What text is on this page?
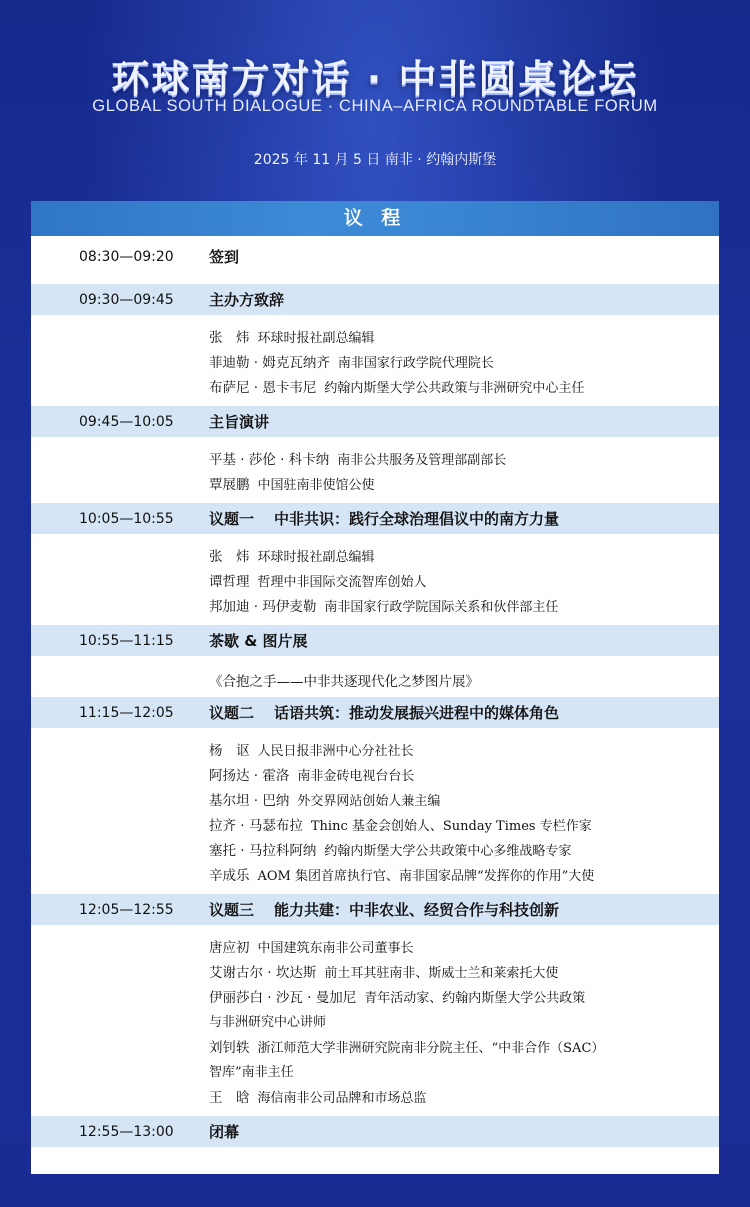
环球南方对话 · 中非圆桌论坛
GLOBAL SOUTH DIALOGUE · CHINA–AFRICA ROUNDTABLE FORUM
2025 年 11 月 5 日 南非 · 约翰内斯堡
议 程
08:30—09:20 签到
09:30—09:45 主办方致辞
张　炜 环球时报社副总编辑
菲迪勒 · 姆克瓦纳齐 南非国家行政学院代理院长
布萨尼 · 恩卡韦尼 约翰内斯堡大学公共政策与非洲研究中心主任
09:45—10:05 主旨演讲
平基 · 莎伦 · 科卡纳 南非公共服务及管理部副部长
覃展鹏 中国驻南非使馆公使
10:05—10:55 议题一 中非共识：践行全球治理倡议中的南方力量
张　炜 环球时报社副总编辑
谭哲理 哲理中非国际交流智库创始人
邦加迪 · 玛伊麦勒 南非国家行政学院国际关系和伙伴部主任
10:55—11:15 茶歇 & 图片展
《合抱之手——中非共逐现代化之梦图片展》
11:15—12:05 议题二 话语共筑：推动发展振兴进程中的媒体角色
杨　讴 人民日报非洲中心分社社长
阿扬达 · 霍洛 南非金砖电视台台长
基尔坦 · 巴纳 外交界网站创始人兼主编
拉齐 · 马瑟布拉 Thinc 基金会创始人、Sunday Times 专栏作家
塞托 · 马拉科阿纳 约翰内斯堡大学公共政策中心多维战略专家
辛成乐 AOM 集团首席执行官、南非国家品牌“发挥你的作用”大使
12:05—12:55 议题三 能力共建：中非农业、经贸合作与科技创新
唐应初 中国建筑东南非公司董事长
艾谢古尔 · 坎达斯 前土耳其驻南非、斯威士兰和莱索托大使
伊丽莎白 · 沙瓦 · 曼加尼 青年活动家、约翰内斯堡大学公共政策
与非洲研究中心讲师
刘钊轶 浙江师范大学非洲研究院南非分院主任、“中非合作（SAC）
智库”南非主任
王　晗 海信南非公司品牌和市场总监
12:55—13:00 闭幕
